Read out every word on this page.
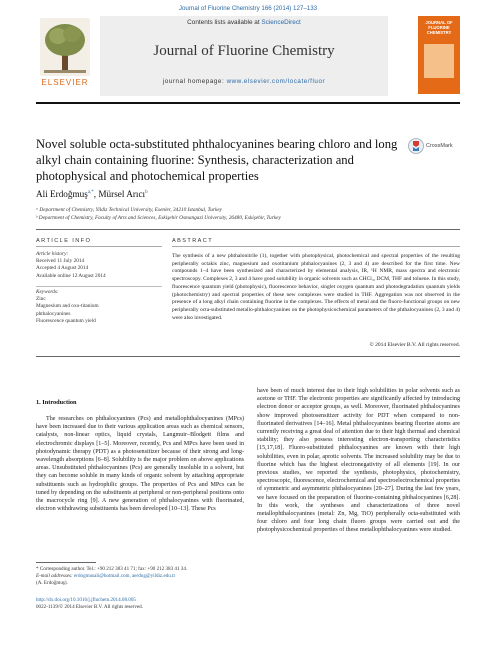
Journal of Fluorine Chemistry 166 (2014) 127–133
ELSEVIER
Contents lists available at ScienceDirect
Journal of Fluorine Chemistry
journal homepage: www.elsevier.com/locate/fluor
JOURNAL OF FLUORINE CHEMISTRY
Novel soluble octa-substituted phthalocyanines bearing chloro and long alkyl chain containing fluorine: Synthesis, characterization and photophysical and photochemical properties
CrossMark
Ali Erdoğmuş$^{a,*}$, Mürsel Arıcı$^b$
ᵃ Department of Chemistry, Yildiz Technical University, Esenler, 34210 Istanbul, Turkey
ᵇ Department of Chemistry, Faculty of Arts and Sciences, Eskişehir Osmangazi University, 26480, Eskişehir, Turkey
ARTICLE INFO	ABSTRACT
Article history:
Received 11 July 2014
Accepted 4 August 2014
Available online 12 August 2014
Keywords:
Zinc
Magnesium and oxo-titanium
phthalocyanines
Fluorescence quantum yield
The synthesis of a new phthalonitrile (1), together with photophysical, photochemical and spectral properties of the resulting peripherally octakis zinc, magnesium and oxotitanium phthalocyanines (2, 3 and 4) are described for the first time. New compounds 1–4 have been synthesized and characterized by elemental analysis, IR, ¹H NMR, mass spectra and electronic spectroscopy. Complexes 2, 3 and 4 have good solubility in organic solvents such as CHCl₃, DCM, THF and toluene. In this study, fluorescence quantum yield (photophysic), fluorescence behavior, singlet oxygen quantum and photodegradation quantum yields (photochemistry) and spectral properties of these new complexes were studied in THF. Aggregation was not observed in the presence of a long alkyl chain containing fluorine in the complexes. The effects of metal and the fluoro-functional groups on new peripherally octa-substituted metallo-phthalocyanines on the photophysicochemical parameters of the phthalocyanines (2, 3 and 4) were also investigated.
© 2014 Elsevier B.V. All rights reserved.
1. Introduction
The researches on phthalocyanines (Pcs) and metallophthalocyanines (MPcs) have been increased due to their various application areas such as chemical sensors, catalysts, non-linear optics, liquid crystals, Langmuir–Blodgett films and electrochromic displays [1–5]. Moreover, recently, Pcs and MPcs have been used in photodynamic therapy (PDT) as a photosensitizer because of their strong and long-wavelength absorptions [6–8]. Solubility is the major problem on above applications areas. Unsubstituted phthalocyanines (Pcs) are generally insoluble in a solvent, but they can become soluble in many kinds of organic solvent by attaching appropriate substituents such as hydrophilic groups. The properties of Pcs and MPcs can be tuned by depending on the substituents at peripheral or non-peripheral positions onto the macrocycle ring [9]. A new generation of phthalocyanines with fluorinated, electron withdrawing substituents has been developed [10–13]. These Pcs
have been of much interest due to their high solubilities in polar solvents such as acetone or THF. The electronic properties are significantly affected by introducing electron donor or acceptor groups, as well. Moreover, fluorinated phthalocyanines show improved photosensitizer activity for PDT when compared to non-fluorinated derivatives [14–16]. Metal phthalocyanines bearing fluorine atoms are currently receiving a great deal of attention due to their high thermal and chemical stability; they also possess interesting electron-transporting characteristics [15,17,18]. Fluoro-substituted phthalocyanines are known with their high solubilities, even in polar, aprotic solvents. The increased solubility may be due to fluorine which has the highest electronegativity of all elements [19]. In our previous studies, we reported the synthesis, photophysics, photochemistry, spectroscopic, fluorescence, electrochemical and spectroelectrochemical properties of symmetric and asymmetric phthalocyanines [20–27]. During the last few years, we have focused on the preparation of fluorine-containing phthalocyanines [6,28]. In this work, the syntheses and characterizations of three novel metallophthalocyanines (metal: Zn, Mg, TiO) peripherally octa-substituted with four chloro and four long chain fluoro groups were carried out and the photophysicochemical properties of these metallophthalocyanines were studied.
* Corresponding author. Tel.: +90 212 383 41 71; fax: +90 212 383 41 34.
E-mail addresses: erdogmusali@hotmail.com, aerdog@yildiz.edu.tr
(A. Erdoğmuş).
http://dx.doi.org/10.1016/j.jfluchem.2014.08.005
0022-1139/© 2014 Elsevier B.V. All rights reserved.
